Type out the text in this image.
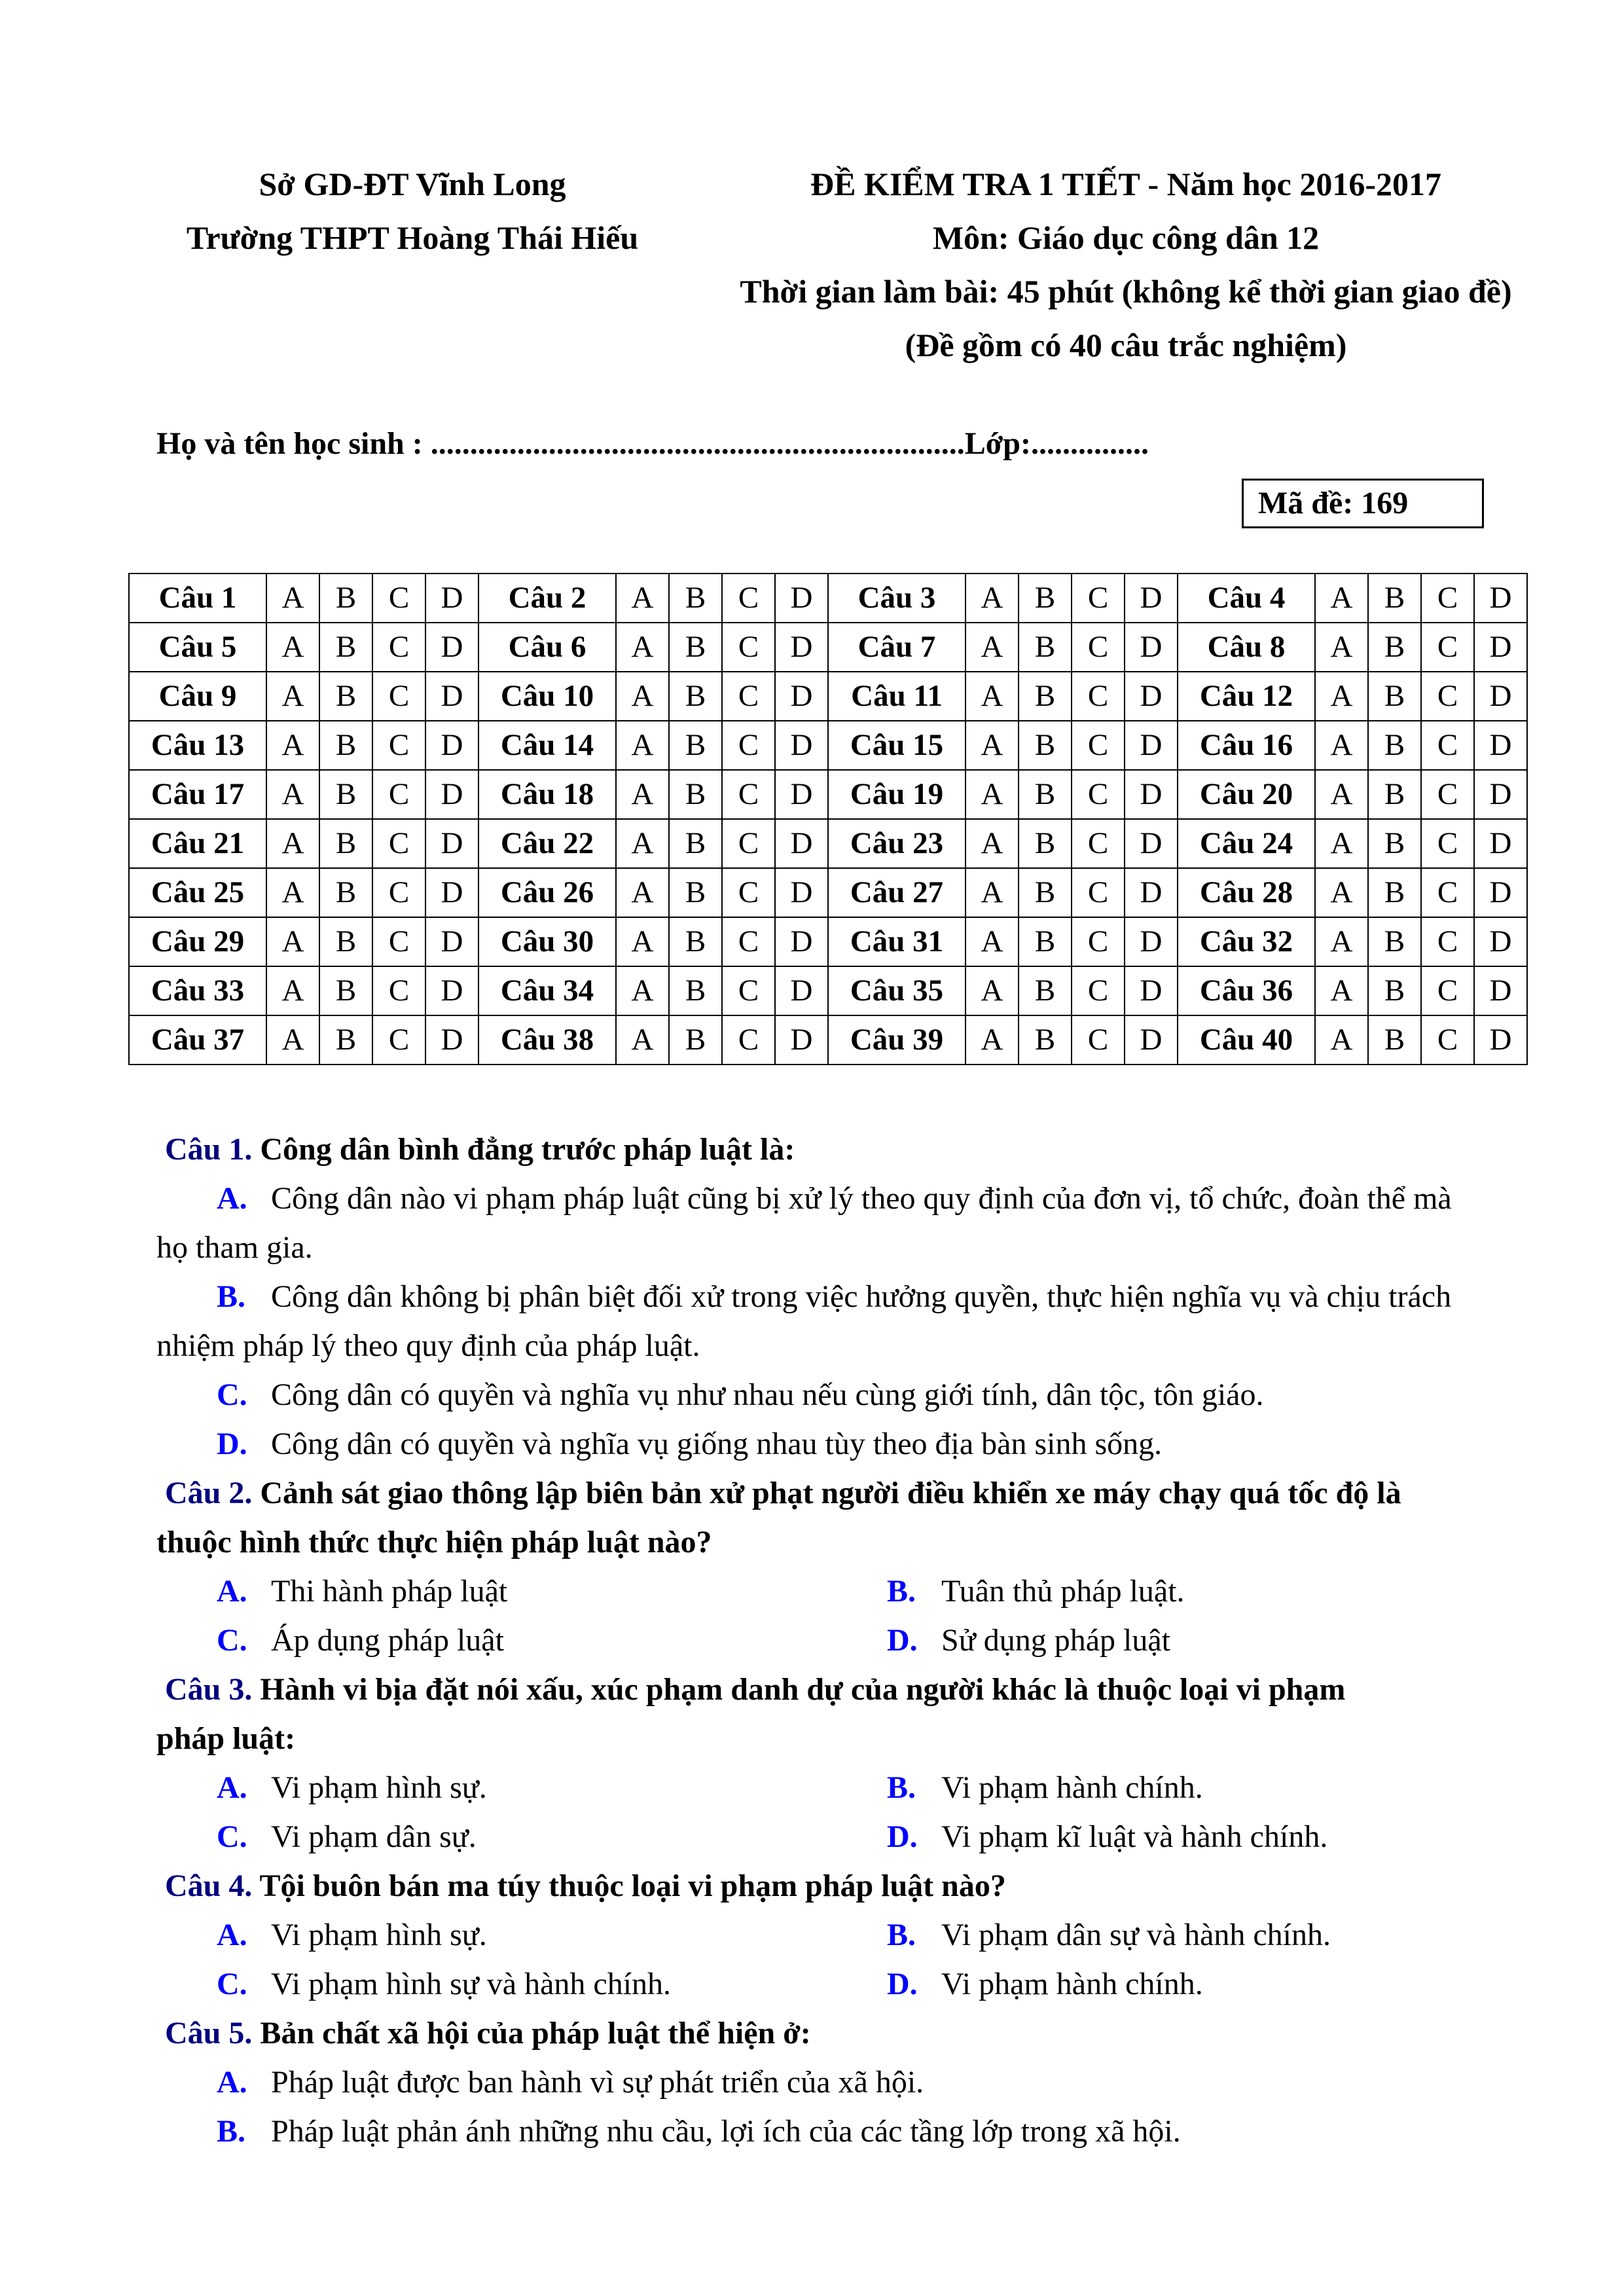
Sở GD-ĐT Vĩnh Long
Trường THPT Hoàng Thái Hiếu
ĐỀ KIỂM TRA 1 TIẾT - Năm học 2016-2017
Môn: Giáo dục công dân 12
Thời gian làm bài: 45 phút (không kể thời gian giao đề)
(Đề gồm có 40 câu trắc nghiệm)
Họ và tên học sinh : ....................................................................Lớp:...............
Mã đề: 169
Câu 1	A	B	C	D	Câu 2	A	B	C	D	Câu 3	A	B	C	D	Câu 4	A	B	C	D
Câu 5	A	B	C	D	Câu 6	A	B	C	D	Câu 7	A	B	C	D	Câu 8	A	B	C	D
Câu 9	A	B	C	D	Câu 10	A	B	C	D	Câu 11	A	B	C	D	Câu 12	A	B	C	D
Câu 13	A	B	C	D	Câu 14	A	B	C	D	Câu 15	A	B	C	D	Câu 16	A	B	C	D
Câu 17	A	B	C	D	Câu 18	A	B	C	D	Câu 19	A	B	C	D	Câu 20	A	B	C	D
Câu 21	A	B	C	D	Câu 22	A	B	C	D	Câu 23	A	B	C	D	Câu 24	A	B	C	D
Câu 25	A	B	C	D	Câu 26	A	B	C	D	Câu 27	A	B	C	D	Câu 28	A	B	C	D
Câu 29	A	B	C	D	Câu 30	A	B	C	D	Câu 31	A	B	C	D	Câu 32	A	B	C	D
Câu 33	A	B	C	D	Câu 34	A	B	C	D	Câu 35	A	B	C	D	Câu 36	A	B	C	D
Câu 37	A	B	C	D	Câu 38	A	B	C	D	Câu 39	A	B	C	D	Câu 40	A	B	C	D
Câu 1. Công dân bình đẳng trước pháp luật là:
A. Công dân nào vi phạm pháp luật cũng bị xử lý theo quy định của đơn vị, tổ chức, đoàn thể mà họ tham gia.
B. Công dân không bị phân biệt đối xử trong việc hưởng quyền, thực hiện nghĩa vụ và chịu trách nhiệm pháp lý theo quy định của pháp luật.
C. Công dân có quyền và nghĩa vụ như nhau nếu cùng giới tính, dân tộc, tôn giáo.
D. Công dân có quyền và nghĩa vụ giống nhau tùy theo địa bàn sinh sống.
Câu 2. Cảnh sát giao thông lập biên bản xử phạt người điều khiển xe máy chạy quá tốc độ là
thuộc hình thức thực hiện pháp luật nào?
A. Thi hành pháp luật	B. Tuân thủ pháp luật.
C. Áp dụng pháp luật	D. Sử dụng pháp luật
Câu 3. Hành vi bịa đặt nói xấu, xúc phạm danh dự của người khác là thuộc loại vi phạm
pháp luật:
A. Vi phạm hình sự.	B. Vi phạm hành chính.
C. Vi phạm dân sự.	D. Vi phạm kĩ luật và hành chính.
Câu 4. Tội buôn bán ma túy thuộc loại vi phạm pháp luật nào?
A. Vi phạm hình sự.	B. Vi phạm dân sự và hành chính.
C. Vi phạm hình sự và hành chính.	D. Vi phạm hành chính.
Câu 5. Bản chất xã hội của pháp luật thể hiện ở:
A. Pháp luật được ban hành vì sự phát triển của xã hội.
B. Pháp luật phản ánh những nhu cầu, lợi ích của các tầng lớp trong xã hội.
